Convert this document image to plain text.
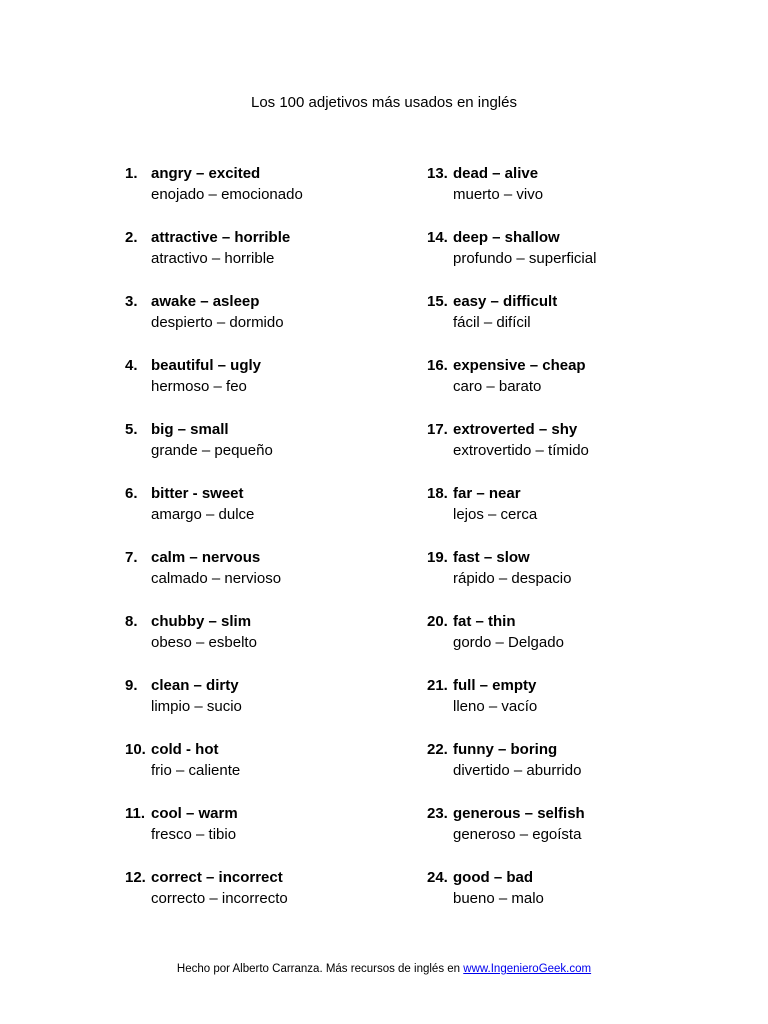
Los 100 adjetivos más usados en inglés
1. angry – excited
enojado – emocionado
2. attractive – horrible
atractivo – horrible
3. awake – asleep
despierto – dormido
4. beautiful – ugly
hermoso – feo
5. big – small
grande – pequeño
6. bitter - sweet
amargo – dulce
7. calm – nervous
calmado – nervioso
8. chubby – slim
obeso – esbelto
9. clean – dirty
limpio – sucio
10. cold - hot
frio – caliente
11. cool – warm
fresco – tibio
12. correct – incorrect
correcto – incorrecto
13. dead – alive
muerto – vivo
14. deep – shallow
profundo – superficial
15. easy – difficult
fácil – difícil
16. expensive – cheap
caro – barato
17. extroverted – shy
extrovertido – tímido
18. far – near
lejos – cerca
19. fast – slow
rápido – despacio
20. fat – thin
gordo – Delgado
21. full – empty
lleno – vacío
22. funny – boring
divertido – aburrido
23. generous – selfish
generoso – egoísta
24. good – bad
bueno – malo
Hecho por Alberto Carranza. Más recursos de inglés en www.IngenieroGeek.com
